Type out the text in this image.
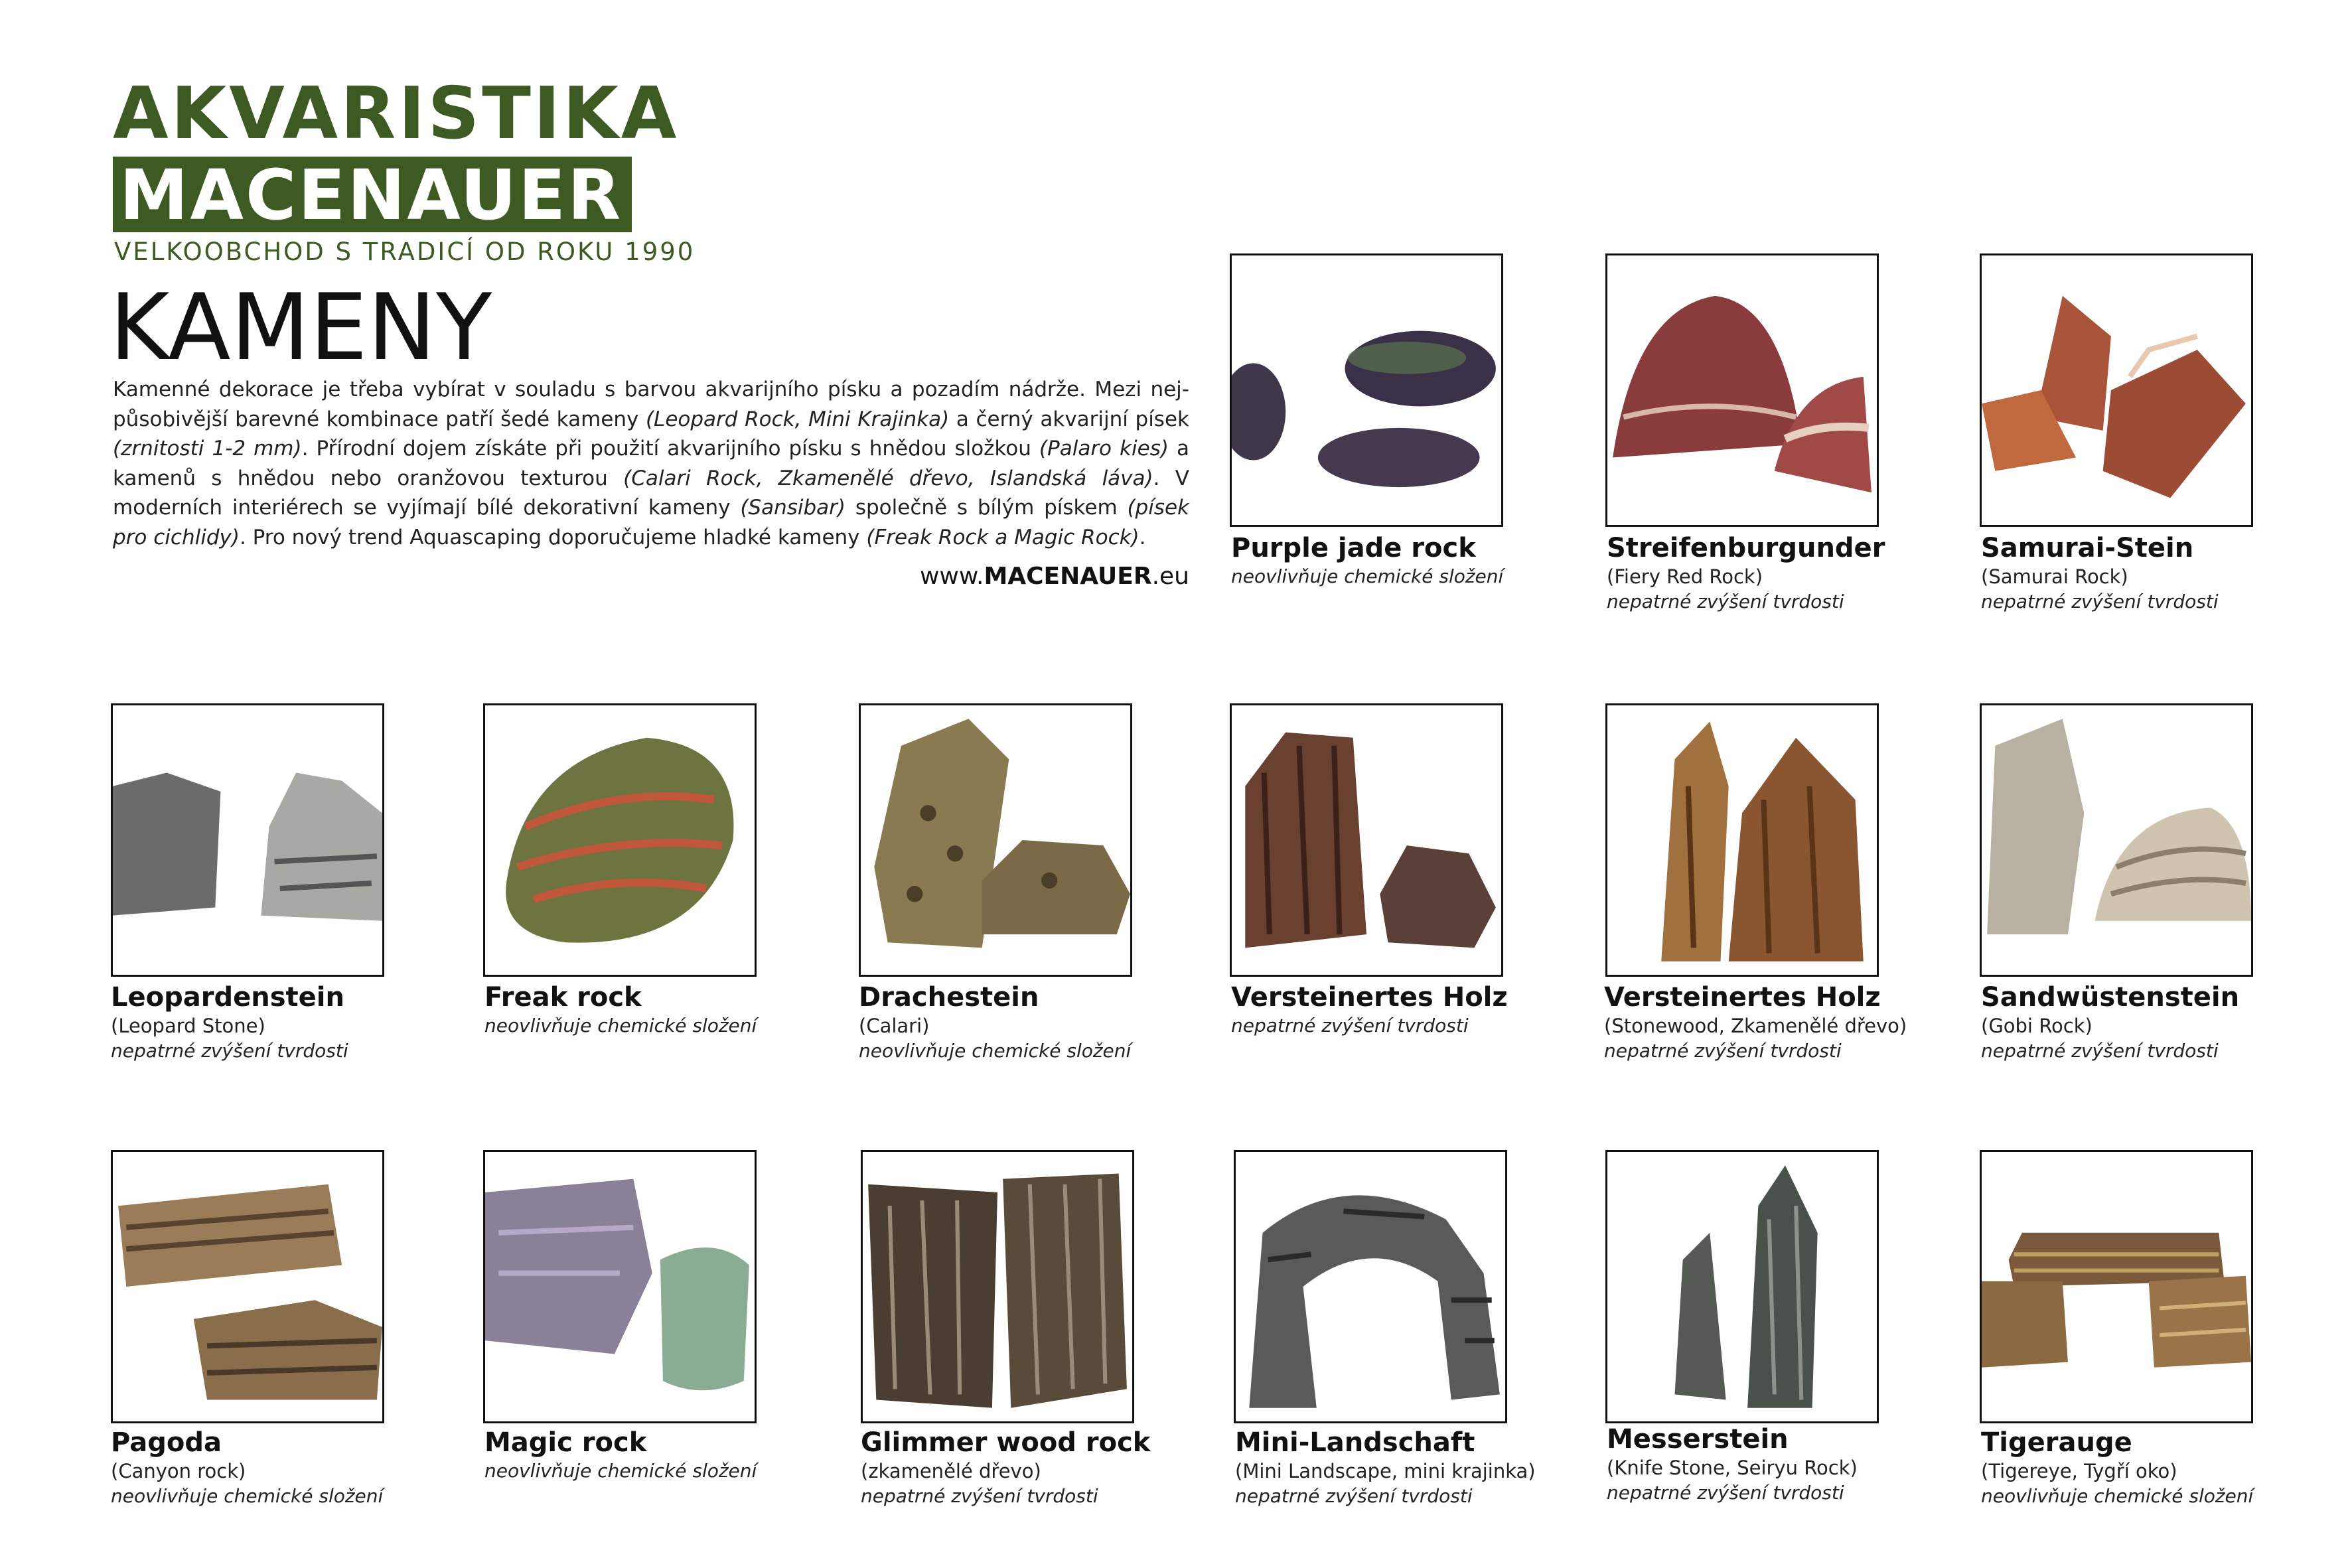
AKVARISTIKA
MACENAUER
VELKOOBCHOD S TRADICÍ OD ROKU 1990
KAMENY
Kamenné dekorace je třeba vybírat v souladu s barvou akvarijního písku a pozadím nádrže. Mezi nej-působivější barevné kombinace patří šedé kameny (Leopard Rock, Mini Krajinka) a černý akvarijní písek (zrnitosti 1-2 mm). Přírodní dojem získáte při použití akvarijního písku s hnědou složkou (Palaro kies) a kamenů s hnědou nebo oranžovou texturou (Calari Rock, Zkamenělé dřevo, Islandská láva). V moderních interiérech se vyjímají bílé dekorativní kameny (Sansibar) společně s bílým pískem (písek pro cichlidy). Pro nový trend Aquascaping doporučujeme hladké kameny (Freak Rock a Magic Rock).
www.MACENAUER.eu
Purple jade rock
neovlivňuje chemické složení
Streifenburgunder
(Fiery Red Rock)
nepatrné zvýšení tvrdosti
Samurai-Stein
(Samurai Rock)
nepatrné zvýšení tvrdosti
Leopardenstein
(Leopard Stone)
nepatrné zvýšení tvrdosti
Freak rock
neovlivňuje chemické složení
Drachestein
(Calari)
neovlivňuje chemické složení
Versteinertes Holz
nepatrné zvýšení tvrdosti
Versteinertes Holz
(Stonewood, Zkamenělé dřevo)
nepatrné zvýšení tvrdosti
Sandwüstenstein
(Gobi Rock)
nepatrné zvýšení tvrdosti
Pagoda
(Canyon rock)
neovlivňuje chemické složení
Magic rock
neovlivňuje chemické složení
Glimmer wood rock
(zkamenělé dřevo)
nepatrné zvýšení tvrdosti
Mini-Landschaft
(Mini Landscape, mini krajinka)
nepatrné zvýšení tvrdosti
Messerstein
(Knife Stone, Seiryu Rock)
nepatrné zvýšení tvrdosti
Tigerauge
(Tigereye, Tygří oko)
neovlivňuje chemické složení
